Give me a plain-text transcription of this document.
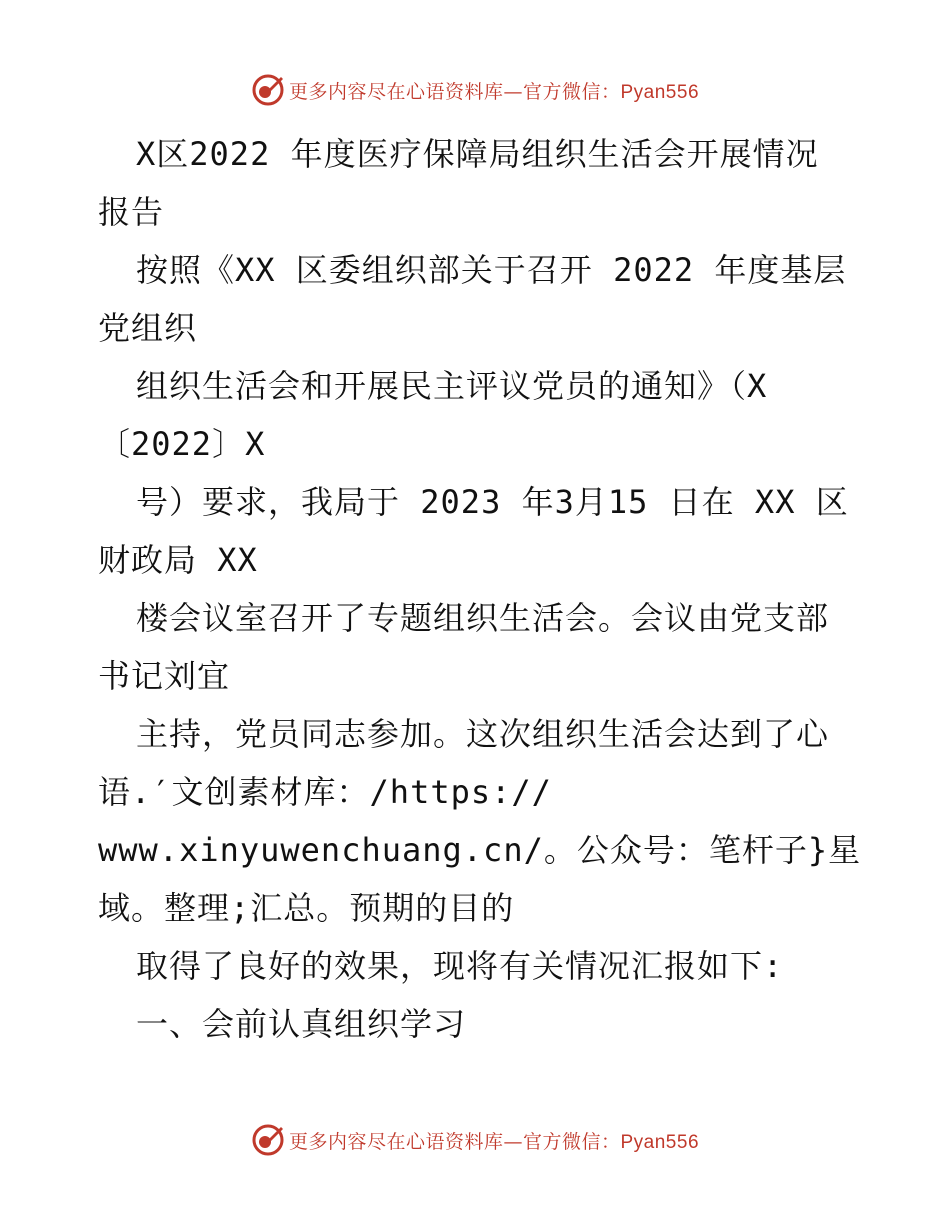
更多内容尽在心语资料库—官方微信：Pyan556
X区2022 年度医疗保障局组织生活会开展情况
报告
按照《XX 区委组织部关于召开 2022 年度基层
党组织
组织生活会和开展民主评议党员的通知》（X
〔2022〕X
号）要求，我局于 2023 年3月15 日在 XX 区
财政局 XX
楼会议室召开了专题组织生活会。会议由党支部
书记刘宜
主持，党员同志参加。这次组织生活会达到了心
语.′文创素材库：/https://
www.xinyuwenchuang.cn/。公众号：笔杆子}星
域。整理;汇总。预期的目的
取得了良好的效果，现将有关情况汇报如下:
一、会前认真组织学习
更多内容尽在心语资料库—官方微信：Pyan556
